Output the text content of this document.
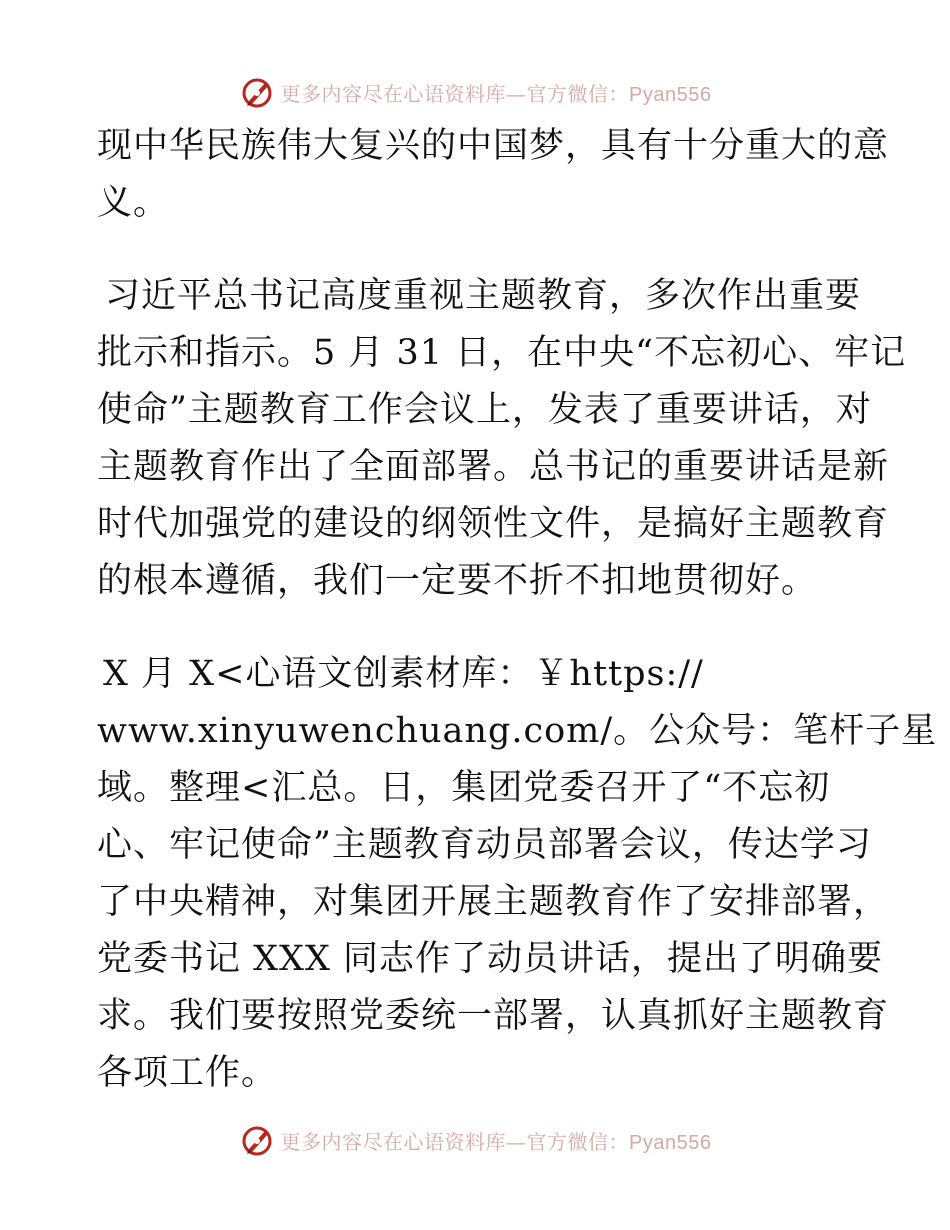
更多内容尽在心语资料库—官方微信：Pyan556
现中华民族伟大复兴的中国梦，具有十分重大的意
义。
习近平总书记高度重视主题教育，多次作出重要
批示和指示。5 月 31 日，在中央“不忘初心、牢记
使命”主题教育工作会议上，发表了重要讲话，对
主题教育作出了全面部署。总书记的重要讲话是新
时代加强党的建设的纲领性文件，是搞好主题教育
的根本遵循，我们一定要不折不扣地贯彻好。
X 月 X<心语文创素材库：￥https://
www.xinyuwenchuang.com/。公众号：笔杆子星
域。整理<汇总。日，集团党委召开了“不忘初
心、牢记使命”主题教育动员部署会议，传达学习
了中央精神，对集团开展主题教育作了安排部署，
党委书记 XXX 同志作了动员讲话，提出了明确要
求。我们要按照党委统一部署，认真抓好主题教育
各项工作。
更多内容尽在心语资料库—官方微信：Pyan556
